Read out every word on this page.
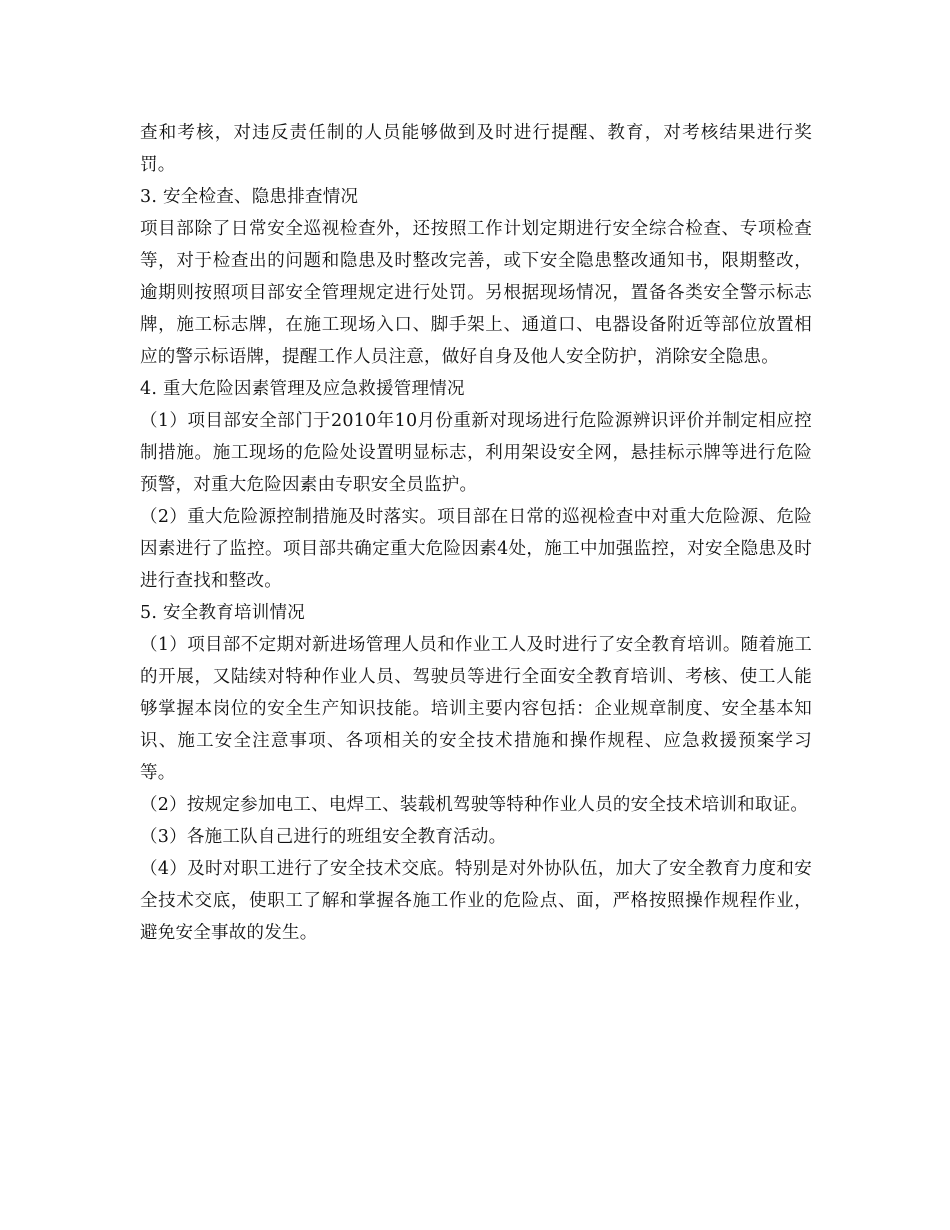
查和考核，对违反责任制的人员能够做到及时进行提醒、教育，对考核结果进行奖罚。

3. 安全检查、隐患排查情况

项目部除了日常安全巡视检查外，还按照工作计划定期进行安全综合检查、专项检查等，对于检查出的问题和隐患及时整改完善，或下安全隐患整改通知书，限期整改，逾期则按照项目部安全管理规定进行处罚。另根据现场情况，置备各类安全警示标志牌，施工标志牌，在施工现场入口、脚手架上、通道口、电器设备附近等部位放置相应的警示标语牌，提醒工作人员注意，做好自身及他人安全防护，消除安全隐患。

4. 重大危险因素管理及应急救援管理情况

（1）项目部安全部门于2010年10月份重新对现场进行危险源辨识评价并制定相应控制措施。施工现场的危险处设置明显标志，利用架设安全网，悬挂标示牌等进行危险预警，对重大危险因素由专职安全员监护。

（2）重大危险源控制措施及时落实。项目部在日常的巡视检查中对重大危险源、危险因素进行了监控。项目部共确定重大危险因素4处，施工中加强监控，对安全隐患及时进行查找和整改。

5. 安全教育培训情况

（1）项目部不定期对新进场管理人员和作业工人及时进行了安全教育培训。随着施工的开展，又陆续对特种作业人员、驾驶员等进行全面安全教育培训、考核、使工人能够掌握本岗位的安全生产知识技能。培训主要内容包括：企业规章制度、安全基本知识、施工安全注意事项、各项相关的安全技术措施和操作规程、应急救援预案学习等。

（2）按规定参加电工、电焊工、装载机驾驶等特种作业人员的安全技术培训和取证。

（3）各施工队自己进行的班组安全教育活动。

（4）及时对职工进行了安全技术交底。特别是对外协队伍，加大了安全教育力度和安全技术交底，使职工了解和掌握各施工作业的危险点、面，严格按照操作规程作业，避免安全事故的发生。
